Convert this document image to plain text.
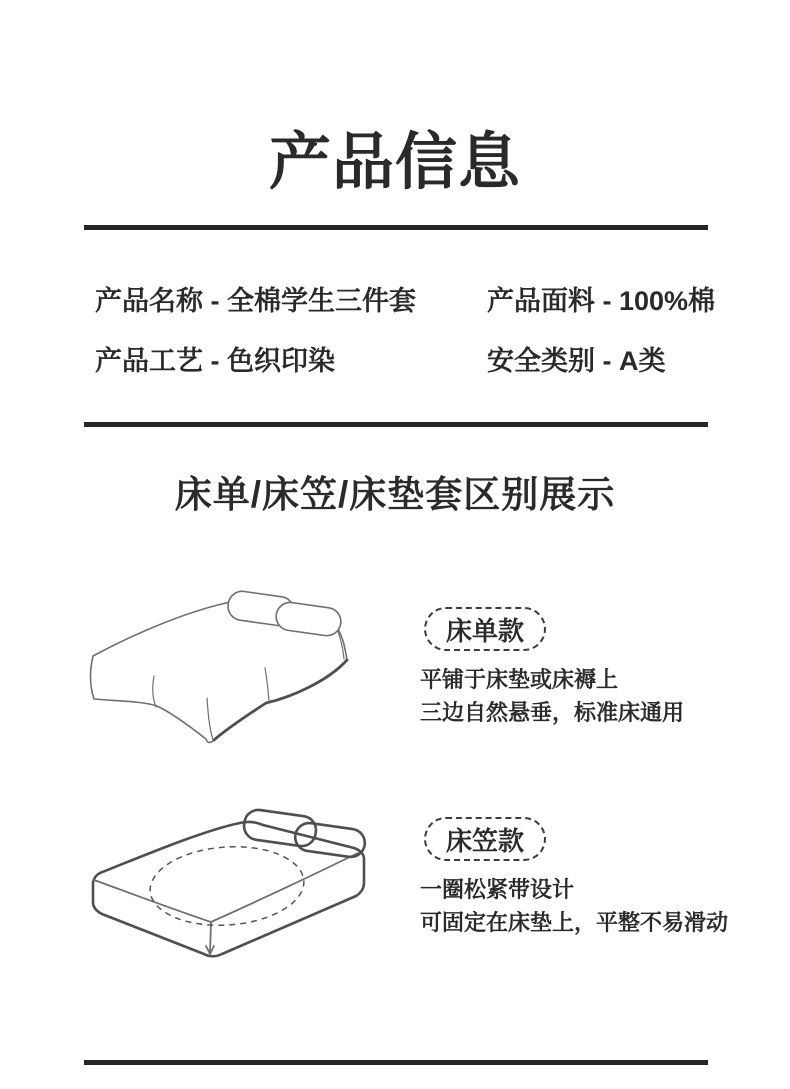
产品信息
产品名称 - 全棉学生三件套	产品面料 - 100%棉
产品工艺 - 色织印染	安全类别 - A类
床单/床笠/床垫套区别展示
床单款

平铺于床垫或床褥上
三边自然悬垂，标准床通用

床笠款

一圈松紧带设计
可固定在床垫上，平整不易滑动
